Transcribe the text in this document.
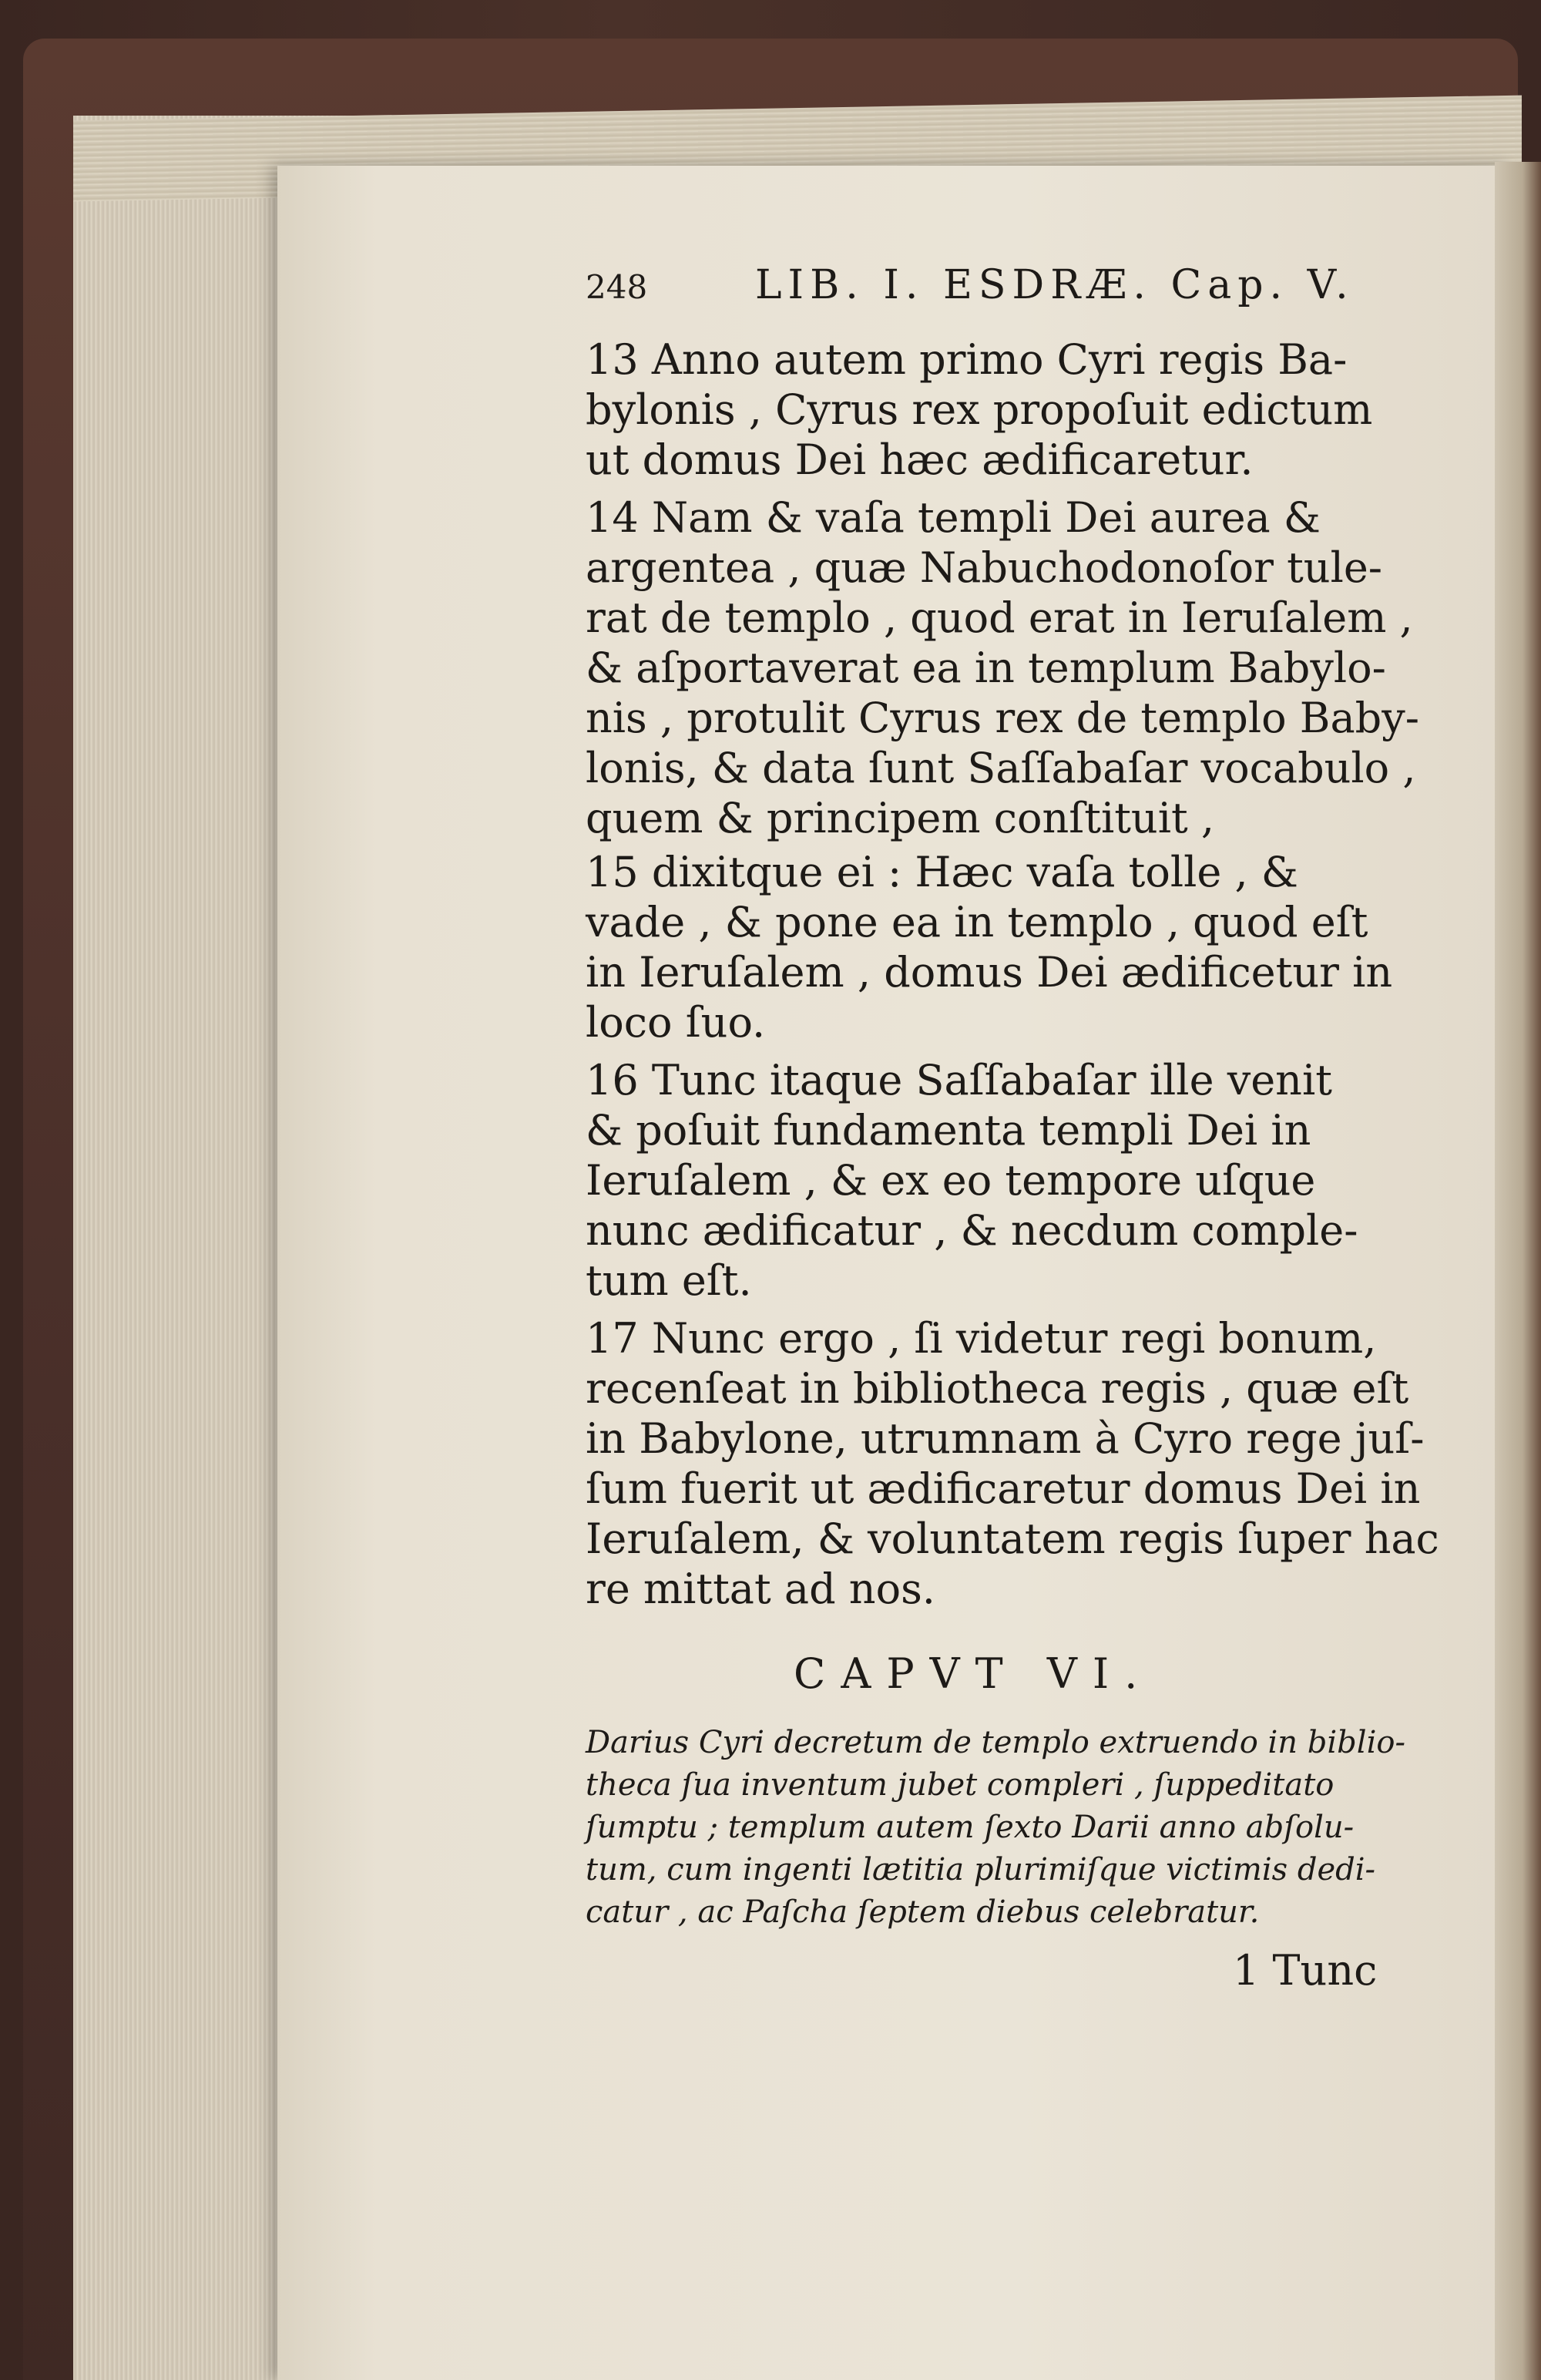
248	LIB. I. ESDRÆ. Cap. V.
13 Anno autem primo Cyri regis Ba-
bylonis , Cyrus rex propoſuit edictum
ut domus Dei hæc ædificaretur.
14 Nam & vaſa templi Dei aurea &
argentea , quæ Nabuchodonoſor tule-
rat de templo , quod erat in Ieruſalem ,
& aſportaverat ea in templum Babylo-
nis , protulit Cyrus rex de templo Baby-
lonis, & data ſunt Saſſabaſar vocabulo ,
quem & principem conſtituit ,
15 dixitque ei : Hæc vaſa tolle , &
vade , & pone ea in templo , quod eſt
in Ieruſalem , domus Dei ædificetur in
loco ſuo.
16 Tunc itaque Saſſabaſar ille venit
& poſuit fundamenta templi Dei in
Ieruſalem , & ex eo tempore uſque
nunc ædificatur , & necdum comple-
tum eſt.
17 Nunc ergo , ſi videtur regi bonum,
recenſeat in bibliotheca regis , quæ eſt
in Babylone, utrumnam à Cyro rege juſ-
ſum fuerit ut ædificaretur domus Dei in
Ieruſalem, & voluntatem regis ſuper hac
re mittat ad nos.
CAPVT VI.
Darius Cyri decretum de templo extruendo in biblio-
theca ſua inventum jubet compleri , ſuppeditato
ſumptu ; templum autem ſexto Darii anno abſolu-
tum, cum ingenti lætitia plurimiſque victimis dedi-
catur , ac Paſcha ſeptem diebus celebratur.
1 Tunc
